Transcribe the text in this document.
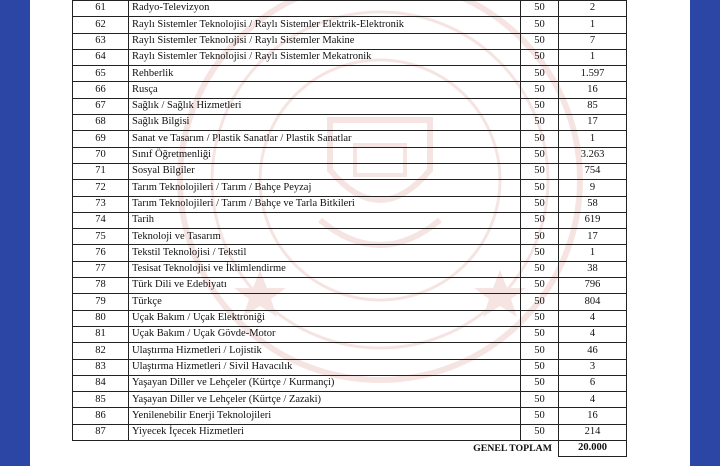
61	Radyo-Televizyon	50	2
62	Raylı Sistemler Teknolojisi / Raylı Sistemler Elektrik-Elektronik	50	1
63	Raylı Sistemler Teknolojisi / Raylı Sistemler Makine	50	7
64	Raylı Sistemler Teknolojisi / Raylı Sistemler Mekatronik	50	1
65	Rehberlik	50	1.597
66	Rusça	50	16
67	Sağlık / Sağlık Hizmetleri	50	85
68	Sağlık Bilgisi	50	17
69	Sanat ve Tasarım / Plastik Sanatlar / Plastik Sanatlar	50	1
70	Sınıf Öğretmenliği	50	3.263
71	Sosyal Bilgiler	50	754
72	Tarım Teknolojileri / Tarım / Bahçe Peyzaj	50	9
73	Tarım Teknolojileri / Tarım / Bahçe ve Tarla Bitkileri	50	58
74	Tarih	50	619
75	Teknoloji ve Tasarım	50	17
76	Tekstil Teknolojisi / Tekstil	50	1
77	Tesisat Teknolojisi ve İklimlendirme	50	38
78	Türk Dili ve Edebiyatı	50	796
79	Türkçe	50	804
80	Uçak Bakım / Uçak Elektroniği	50	4
81	Uçak Bakım / Uçak Gövde-Motor	50	4
82	Ulaştırma Hizmetleri / Lojistik	50	46
83	Ulaştırma Hizmetleri / Sivil Havacılık	50	3
84	Yaşayan Diller ve Lehçeler (Kürtçe / Kurmançi)	50	6
85	Yaşayan Diller ve Lehçeler (Kürtçe / Zazaki)	50	4
86	Yenilenebilir Enerji Teknolojileri	50	16
87	Yiyecek İçecek Hizmetleri	50	214
GENEL TOPLAM			20.000
